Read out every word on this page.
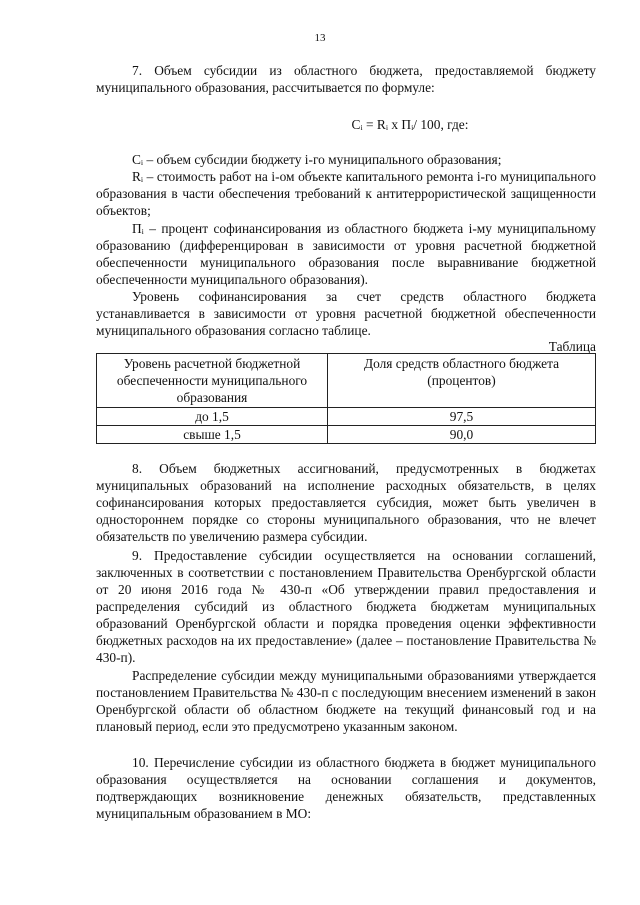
13

7. Объем субсидии из областного бюджета, предоставляемой бюджету муниципального образования, рассчитывается по формуле:

Cᵢ = Rᵢ x Пᵢ/ 100, где:

Cᵢ – объем субсидии бюджету i-го муниципального образования;

Rᵢ – стоимость работ на i-ом объекте капитального ремонта i-го муниципального образования в части обеспечения требований к антитеррористической защищенности объектов;

Пᵢ – процент софинансирования из областного бюджета i-му муниципальному образованию (дифференцирован в зависимости от уровня расчетной бюджетной обеспеченности муниципального образования после выравнивание бюджетной обеспеченности муниципального образования).

Уровень софинансирования за счет средств областного бюджета устанавливается в зависимости от уровня расчетной бюджетной обеспеченности муниципального образования согласно таблице.

Таблица
Уровень расчетной бюджетной обеспеченности муниципального образования	Доля средств областного бюджета (процентов)
до 1,5	97,5
свыше 1,5	90,0

8. Объем бюджетных ассигнований, предусмотренных в бюджетах муниципальных образований на исполнение расходных обязательств, в целях софинансирования которых предоставляется субсидия, может быть увеличен в одностороннем порядке со стороны муниципального образования, что не влечет обязательств по увеличению размера субсидии.

9. Предоставление субсидии осуществляется на основании соглашений, заключенных в соответствии с постановлением Правительства Оренбургской области от 20 июня 2016 года № 430-п «Об утверждении правил предоставления и распределения субсидий из областного бюджета бюджетам муниципальных образований Оренбургской области и порядка проведения оценки эффективности бюджетных расходов на их предоставление» (далее – постановление Правительства № 430-п).

Распределение субсидии между муниципальными образованиями утверждается постановлением Правительства № 430-п с последующим внесением изменений в закон Оренбургской области об областном бюджете на текущий финансовый год и на плановый период, если это предусмотрено указанным законом.

10. Перечисление субсидии из областного бюджета в бюджет муниципального образования осуществляется на основании соглашения и документов, подтверждающих возникновение денежных обязательств, представленных муниципальным образованием в МО:
